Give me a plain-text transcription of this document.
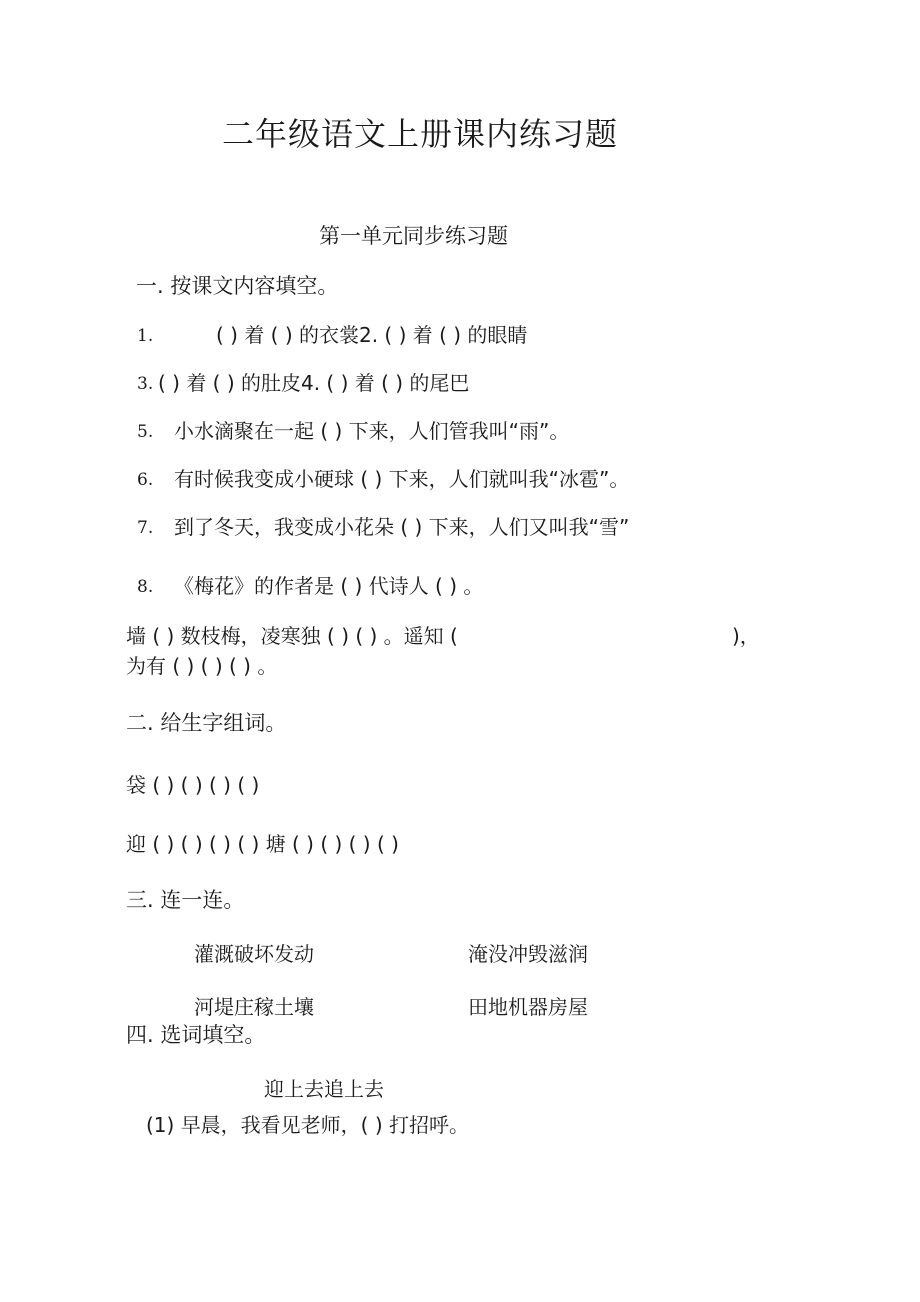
二年级语文上册课内练习题
第一单元同步练习题
一. 按课文内容填空。
1.	( ) 着 ( ) 的衣裳2. ( ) 着 ( ) 的眼睛
3. ( ) 着 ( ) 的肚皮4. ( ) 着 ( ) 的尾巴
5. 小水滴聚在一起 ( ) 下来，人们管我叫“雨”。
6. 有时候我变成小硬球 ( ) 下来，人们就叫我“冰雹”。
7. 到了冬天，我变成小花朵 ( ) 下来，人们又叫我“雪”
8. 《梅花》的作者是 ( ) 代诗人 ( ) 。
墙 ( ) 数枝梅，凌寒独 ( ) ( ) 。遥知 (	)，
为有 ( ) ( ) ( ) 。
二. 给生字组词。
袋 ( ) ( ) ( ) ( )
迎 ( ) ( ) ( ) ( ) 塘 ( ) ( ) ( ) ( )
三. 连一连。
灌溉破坏发动	淹没冲毁滋润
河堤庄稼土壤	田地机器房屋
四. 选词填空。
迎上去追上去
(1) 早晨，我看见老师，( ) 打招呼。
